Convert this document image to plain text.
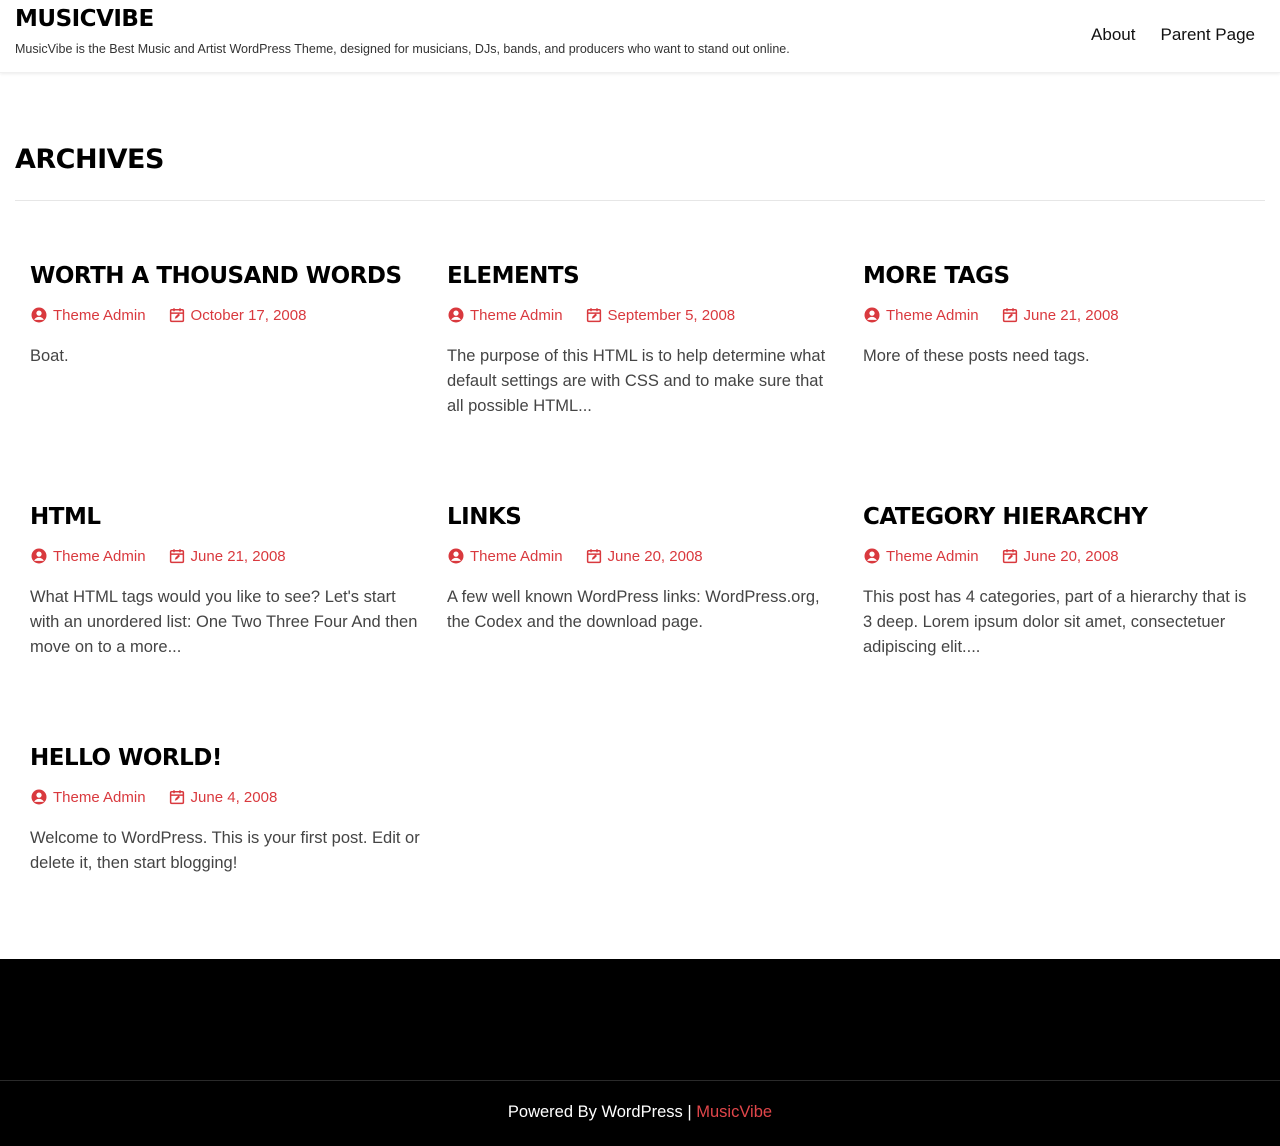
MUSICVIBE

MusicVibe is the Best Music and Artist WordPress Theme, designed for musicians, DJs, bands, and producers who want to stand out online.

About Parent Page
ARCHIVES
WORTH A THOUSAND WORDS
Theme Admin	October 17, 2008

Boat.

ELEMENTS
Theme Admin	September 5, 2008

The purpose of this HTML is to help determine what default settings are with CSS and to make sure that all possible HTML...

MORE TAGS
Theme Admin	June 21, 2008

More of these posts need tags.

HTML
Theme Admin	June 21, 2008

What HTML tags would you like to see? Let's start with an unordered list: One Two Three Four And then move on to a more...

LINKS
Theme Admin	June 20, 2008

A few well known WordPress links: WordPress.org, the Codex and the download page.

CATEGORY HIERARCHY
Theme Admin	June 20, 2008

This post has 4 categories, part of a hierarchy that is 3 deep. Lorem ipsum dolor sit amet, consectetuer adipiscing elit....

HELLO WORLD!
Theme Admin	June 4, 2008

Welcome to WordPress. This is your first post. Edit or delete it, then start blogging!

Powered By WordPress | MusicVibe
